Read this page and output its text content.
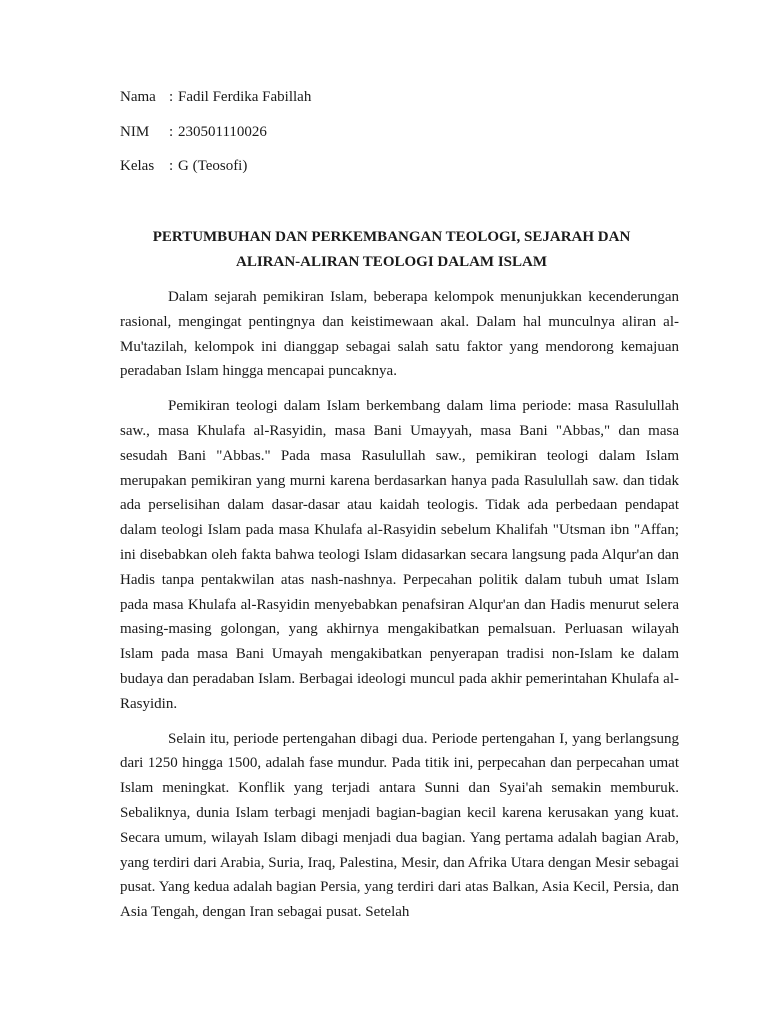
Nama : Fadil Ferdika Fabillah
NIM	: 230501110026
Kelas : G (Teosofi)
PERTUMBUHAN DAN PERKEMBANGAN TEOLOGI, SEJARAH DAN
ALIRAN-ALIRAN TEOLOGI DALAM ISLAM

Dalam sejarah pemikiran Islam, beberapa kelompok menunjukkan kecenderungan rasional, mengingat pentingnya dan keistimewaan akal. Dalam hal munculnya aliran al-Mu'tazilah, kelompok ini dianggap sebagai salah satu faktor yang mendorong kemajuan peradaban Islam hingga mencapai puncaknya.

Pemikiran teologi dalam Islam berkembang dalam lima periode: masa Rasulullah saw., masa Khulafa al-Rasyidin, masa Bani Umayyah, masa Bani "Abbas," dan masa sesudah Bani "Abbas." Pada masa Rasulullah saw., pemikiran teologi dalam Islam merupakan pemikiran yang murni karena berdasarkan hanya pada Rasulullah saw. dan tidak ada perselisihan dalam dasar-dasar atau kaidah teologis. Tidak ada perbedaan pendapat dalam teologi Islam pada masa Khulafa al-Rasyidin sebelum Khalifah "Utsman ibn "Affan; ini disebabkan oleh fakta bahwa teologi Islam didasarkan secara langsung pada Alqur'an dan Hadis tanpa pentakwilan atas nash-nashnya. Perpecahan politik dalam tubuh umat Islam pada masa Khulafa al-Rasyidin menyebabkan penafsiran Alqur'an dan Hadis menurut selera masing-masing golongan, yang akhirnya mengakibatkan pemalsuan. Perluasan wilayah Islam pada masa Bani Umayah mengakibatkan penyerapan tradisi non-Islam ke dalam budaya dan peradaban Islam. Berbagai ideologi muncul pada akhir pemerintahan Khulafa al-Rasyidin.

Selain itu, periode pertengahan dibagi dua. Periode pertengahan I, yang berlangsung dari 1250 hingga 1500, adalah fase mundur. Pada titik ini, perpecahan dan perpecahan umat Islam meningkat. Konflik yang terjadi antara Sunni dan Syai'ah semakin memburuk. Sebaliknya, dunia Islam terbagi menjadi bagian-bagian kecil karena kerusakan yang kuat. Secara umum, wilayah Islam dibagi menjadi dua bagian. Yang pertama adalah bagian Arab, yang terdiri dari Arabia, Suria, Iraq, Palestina, Mesir, dan Afrika Utara dengan Mesir sebagai pusat. Yang kedua adalah bagian Persia, yang terdiri dari atas Balkan, Asia Kecil, Persia, dan Asia Tengah, dengan Iran sebagai pusat. Setelah
